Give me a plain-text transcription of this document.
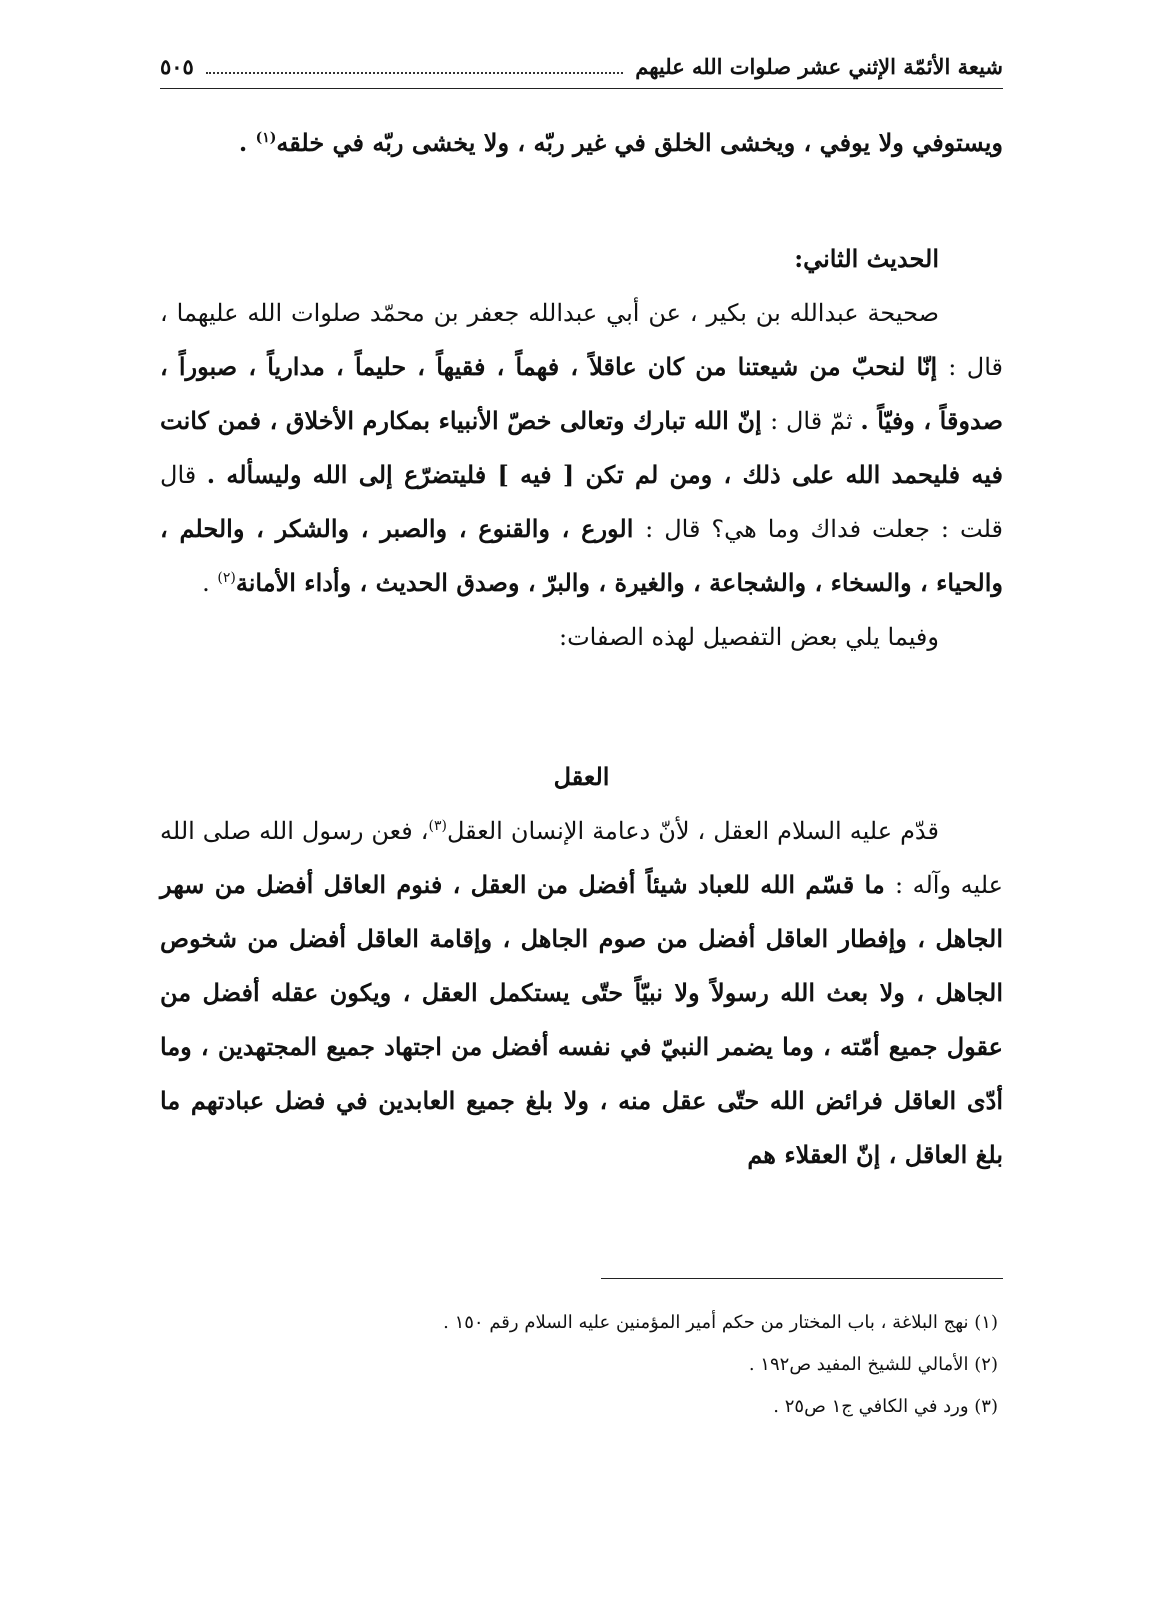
شيعة الأئمّة الإثني عشر صلوات الله عليهم
٥٠٥

ويستوفي ولا يوفي ، ويخشى الخلق في غير ربّه ، ولا يخشى ربّه في خلقه$^{(١)}$ .

الحديث الثاني:

صحيحة عبدالله بن بكير ، عن أبي عبدالله جعفر بن محمّد صلوات الله عليهما ، قال : إنّا لنحبّ من شيعتنا من كان عاقلاً ، فهماً ، فقيهاً ، حليماً ، مدارياً ، صبوراً ، صدوقاً ، وفيّاً . ثمّ قال : إنّ الله تبارك وتعالى خصّ الأنبياء بمكارم الأخلاق ، فمن كانت فيه فليحمد الله على ذلك ، ومن لم تكن [ فيه ] فليتضرّع إلى الله وليسأله . قال قلت : جعلت فداك وما هي؟ قال : الورع ، والقنوع ، والصبر ، والشكر ، والحلم ، والحياء ، والسخاء ، والشجاعة ، والغيرة ، والبرّ ، وصدق الحديث ، وأداء الأمانة$^{(٢)}$ .

وفيما يلي بعض التفصيل لهذه الصفات:

العقل

قدّم عليه السلام العقل ، لأنّ دعامة الإنسان العقل$^{(٣)}$، فعن رسول الله صلى الله عليه وآله : ما قسّم الله للعباد شيئاً أفضل من العقل ، فنوم العاقل أفضل من سهر الجاهل ، وإفطار العاقل أفضل من صوم الجاهل ، وإقامة العاقل أفضل من شخوص الجاهل ، ولا بعث الله رسولاً ولا نبيّاً حتّى يستكمل العقل ، ويكون عقله أفضل من عقول جميع أمّته ، وما يضمر النبيّ في نفسه أفضل من اجتهاد جميع المجتهدين ، وما أدّى العاقل فرائض الله حتّى عقل منه ، ولا بلغ جميع العابدين في فضل عبادتهم ما بلغ العاقل ، إنّ العقلاء هم

(١) نهج البلاغة ، باب المختار من حكم أمير المؤمنين عليه السلام رقم ١٥٠ .
(٢) الأمالي للشيخ المفيد ص١٩٢ .
(٣) ورد في الكافي ج١ ص٢٥ .
